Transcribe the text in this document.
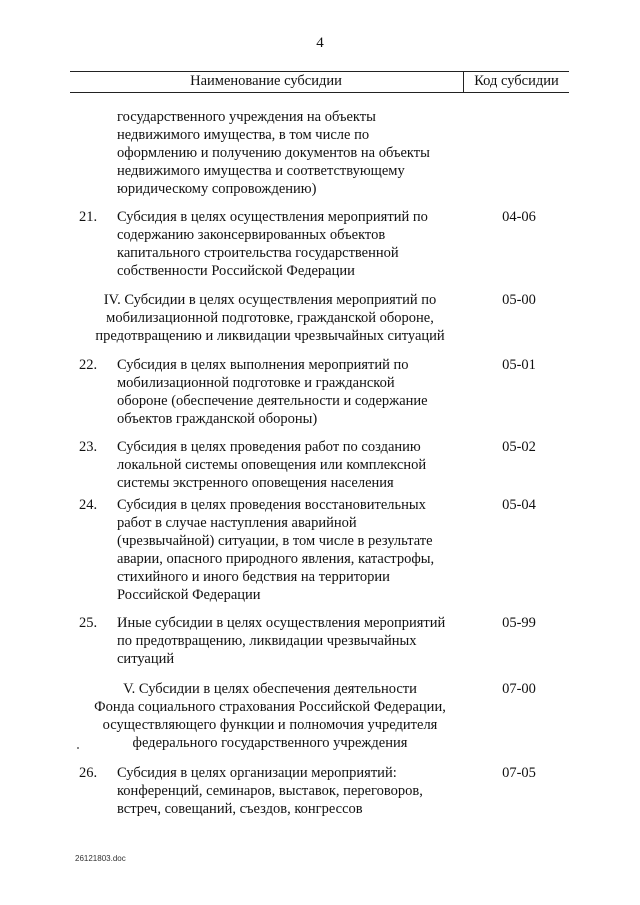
4
Наименование субсидии	Код субсидии
государственного учреждения на объекты
недвижимого имущества, в том числе по
оформлению и получению документов на объекты
недвижимого имущества и соответствующему
юридическому сопровождению)
21. Субсидия в целях осуществления мероприятий по
содержанию законсервированных объектов
капитального строительства государственной
собственности Российской Федерации
04-06
IV. Субсидии в целях осуществления мероприятий по
мобилизационной подготовке, гражданской обороне,
предотвращению и ликвидации чрезвычайных ситуаций
05-00
22. Субсидия в целях выполнения мероприятий по
мобилизационной подготовке и гражданской
обороне (обеспечение деятельности и содержание
объектов гражданской обороны)
05-01
23. Субсидия в целях проведения работ по созданию
локальной системы оповещения или комплексной
системы экстренного оповещения населения
05-02
24. Субсидия в целях проведения восстановительных
работ в случае наступления аварийной
(чрезвычайной) ситуации, в том числе в результате
аварии, опасного природного явления, катастрофы,
стихийного и иного бедствия на территории
Российской Федерации
05-04
25. Иные субсидии в целях осуществления мероприятий
по предотвращению, ликвидации чрезвычайных
ситуаций
05-99
V. Субсидии в целях обеспечения деятельности
Фонда социального страхования Российской Федерации,
осуществляющего функции и полномочия учредителя
федерального государственного учреждения
07-00
26. Субсидия в целях организации мероприятий:
конференций, семинаров, выставок, переговоров,
встреч, совещаний, съездов, конгрессов
07-05
26121803.doc
